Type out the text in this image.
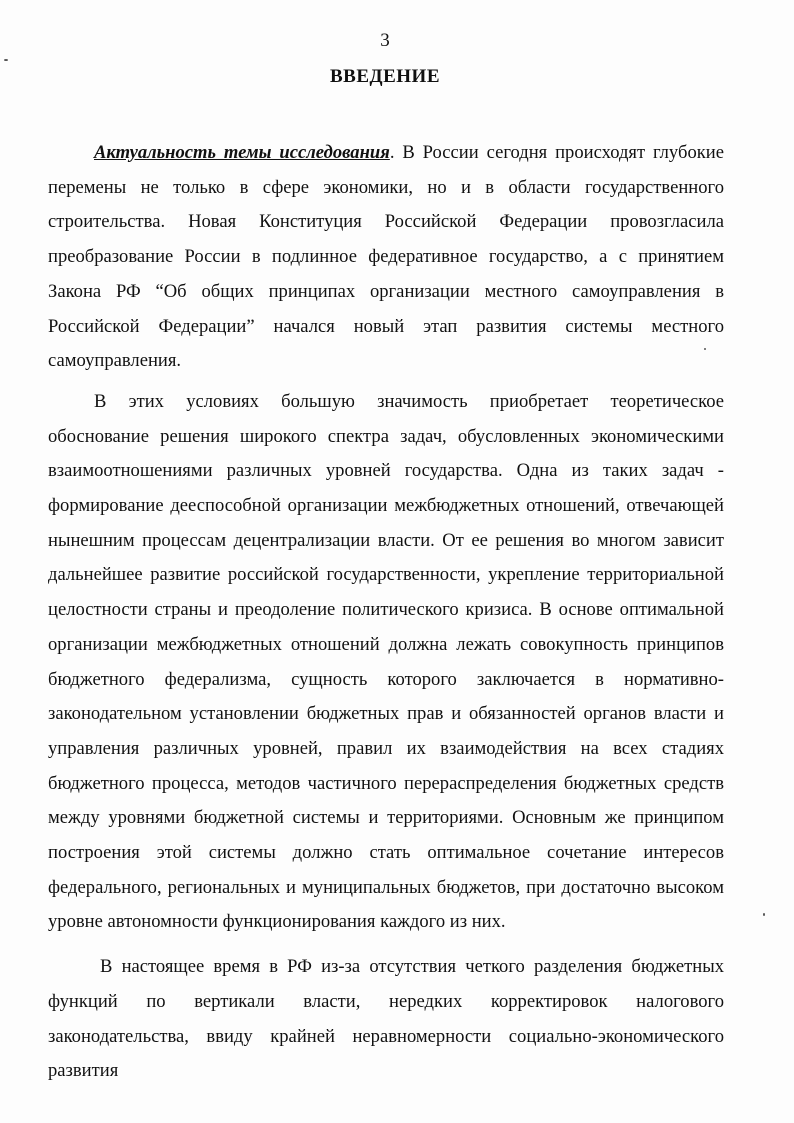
3
ВВЕДЕНИЕ

Актуальность темы исследования. В России сегодня происходят глубокие перемены не только в сфере экономики, но и в области государственного строительства. Новая Конституция Российской Федерации провозгласила преобразование России в подлинное федеративное государство, а с принятием Закона РФ “Об общих принципах организации местного самоуправления в Российской Федерации” начался новый этап развития системы местного самоуправления.

В этих условиях большую значимость приобретает теоретическое обоснование решения широкого спектра задач, обусловленных экономическими взаимоотношениями различных уровней государства. Одна из таких задач - формирование дееспособной организации межбюджетных отношений, отвечающей нынешним процессам децентрализации власти. От ее решения во многом зависит дальнейшее развитие российской государственности, укрепление территориальной целостности страны и преодоление политического кризиса. В основе оптимальной организации межбюджетных отношений должна лежать совокупность принципов бюджетного федерализма, сущность которого заключается в нормативно-законодательном установлении бюджетных прав и обязанностей органов власти и управления различных уровней, правил их взаимодействия на всех стадиях бюджетного процесса, методов частичного перераспределения бюджетных средств между уровнями бюджетной системы и территориями. Основным же принципом построения этой системы должно стать оптимальное сочетание интересов федерального, региональных и муниципальных бюджетов, при достаточно высоком уровне автономности функционирования каждого из них.

В настоящее время в РФ из-за отсутствия четкого разделения бюджетных функций по вертикали власти, нередких корректировок налогового законодательства, ввиду крайней неравномерности социально-экономического развития
